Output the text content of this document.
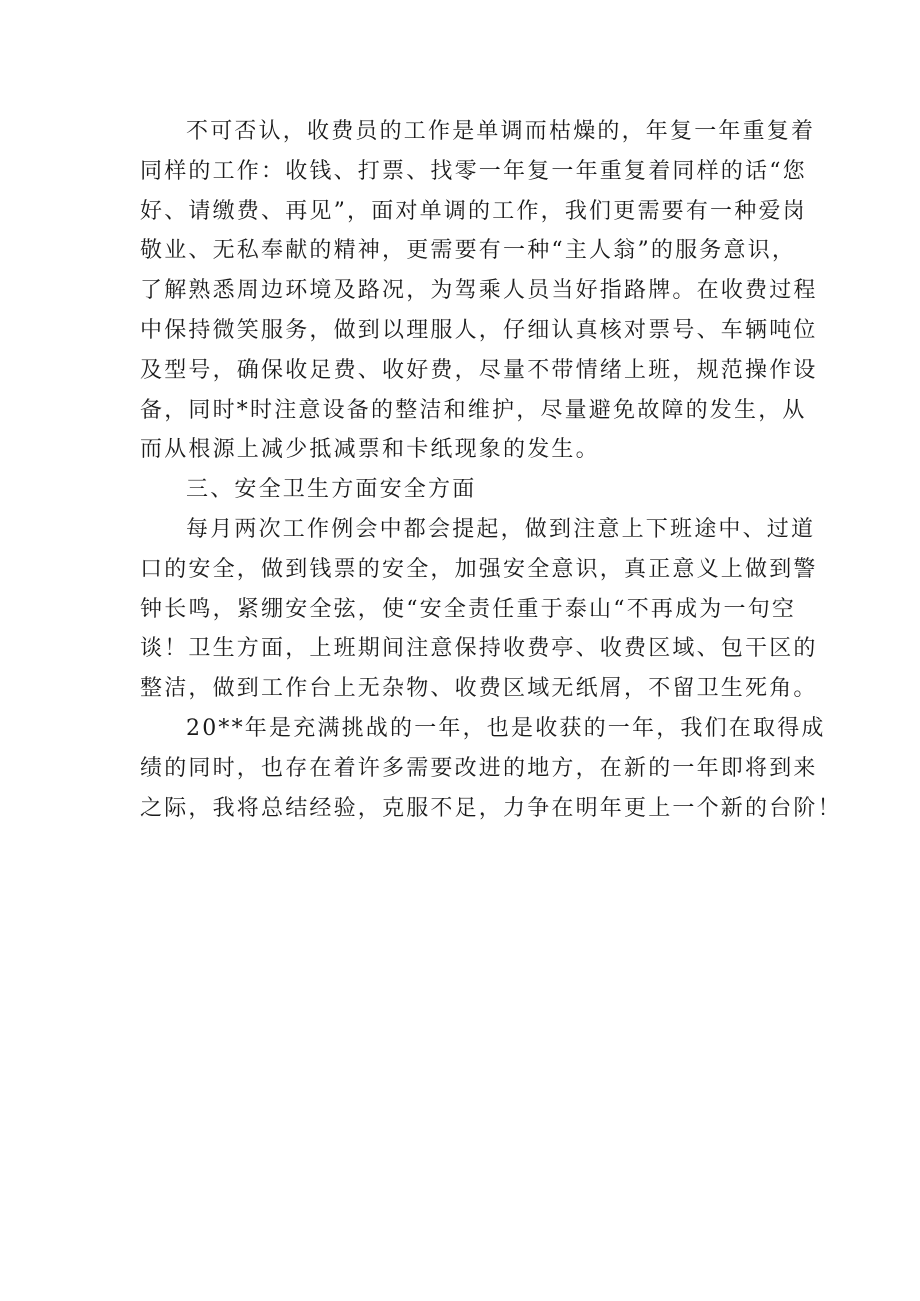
不可否认，收费员的工作是单调而枯燥的，年复一年重复着
同样的工作：收钱、打票、找零一年复一年重复着同样的话“您
好、请缴费、再见”，面对单调的工作，我们更需要有一种爱岗
敬业、无私奉献的精神，更需要有一种“主人翁”的服务意识，
了解熟悉周边环境及路况，为驾乘人员当好指路牌。在收费过程
中保持微笑服务，做到以理服人，仔细认真核对票号、车辆吨位
及型号，确保收足费、收好费，尽量不带情绪上班，规范操作设
备，同时*时注意设备的整洁和维护，尽量避免故障的发生，从
而从根源上减少抵减票和卡纸现象的发生。
三、安全卫生方面安全方面
每月两次工作例会中都会提起，做到注意上下班途中、过道
口的安全，做到钱票的安全，加强安全意识，真正意义上做到警
钟长鸣，紧绷安全弦，使“安全责任重于泰山“不再成为一句空
谈！卫生方面，上班期间注意保持收费亭、收费区域、包干区的
整洁，做到工作台上无杂物、收费区域无纸屑，不留卫生死角。
20**年是充满挑战的一年，也是收获的一年，我们在取得成
绩的同时，也存在着许多需要改进的地方，在新的一年即将到来
之际，我将总结经验，克服不足，力争在明年更上一个新的台阶！
